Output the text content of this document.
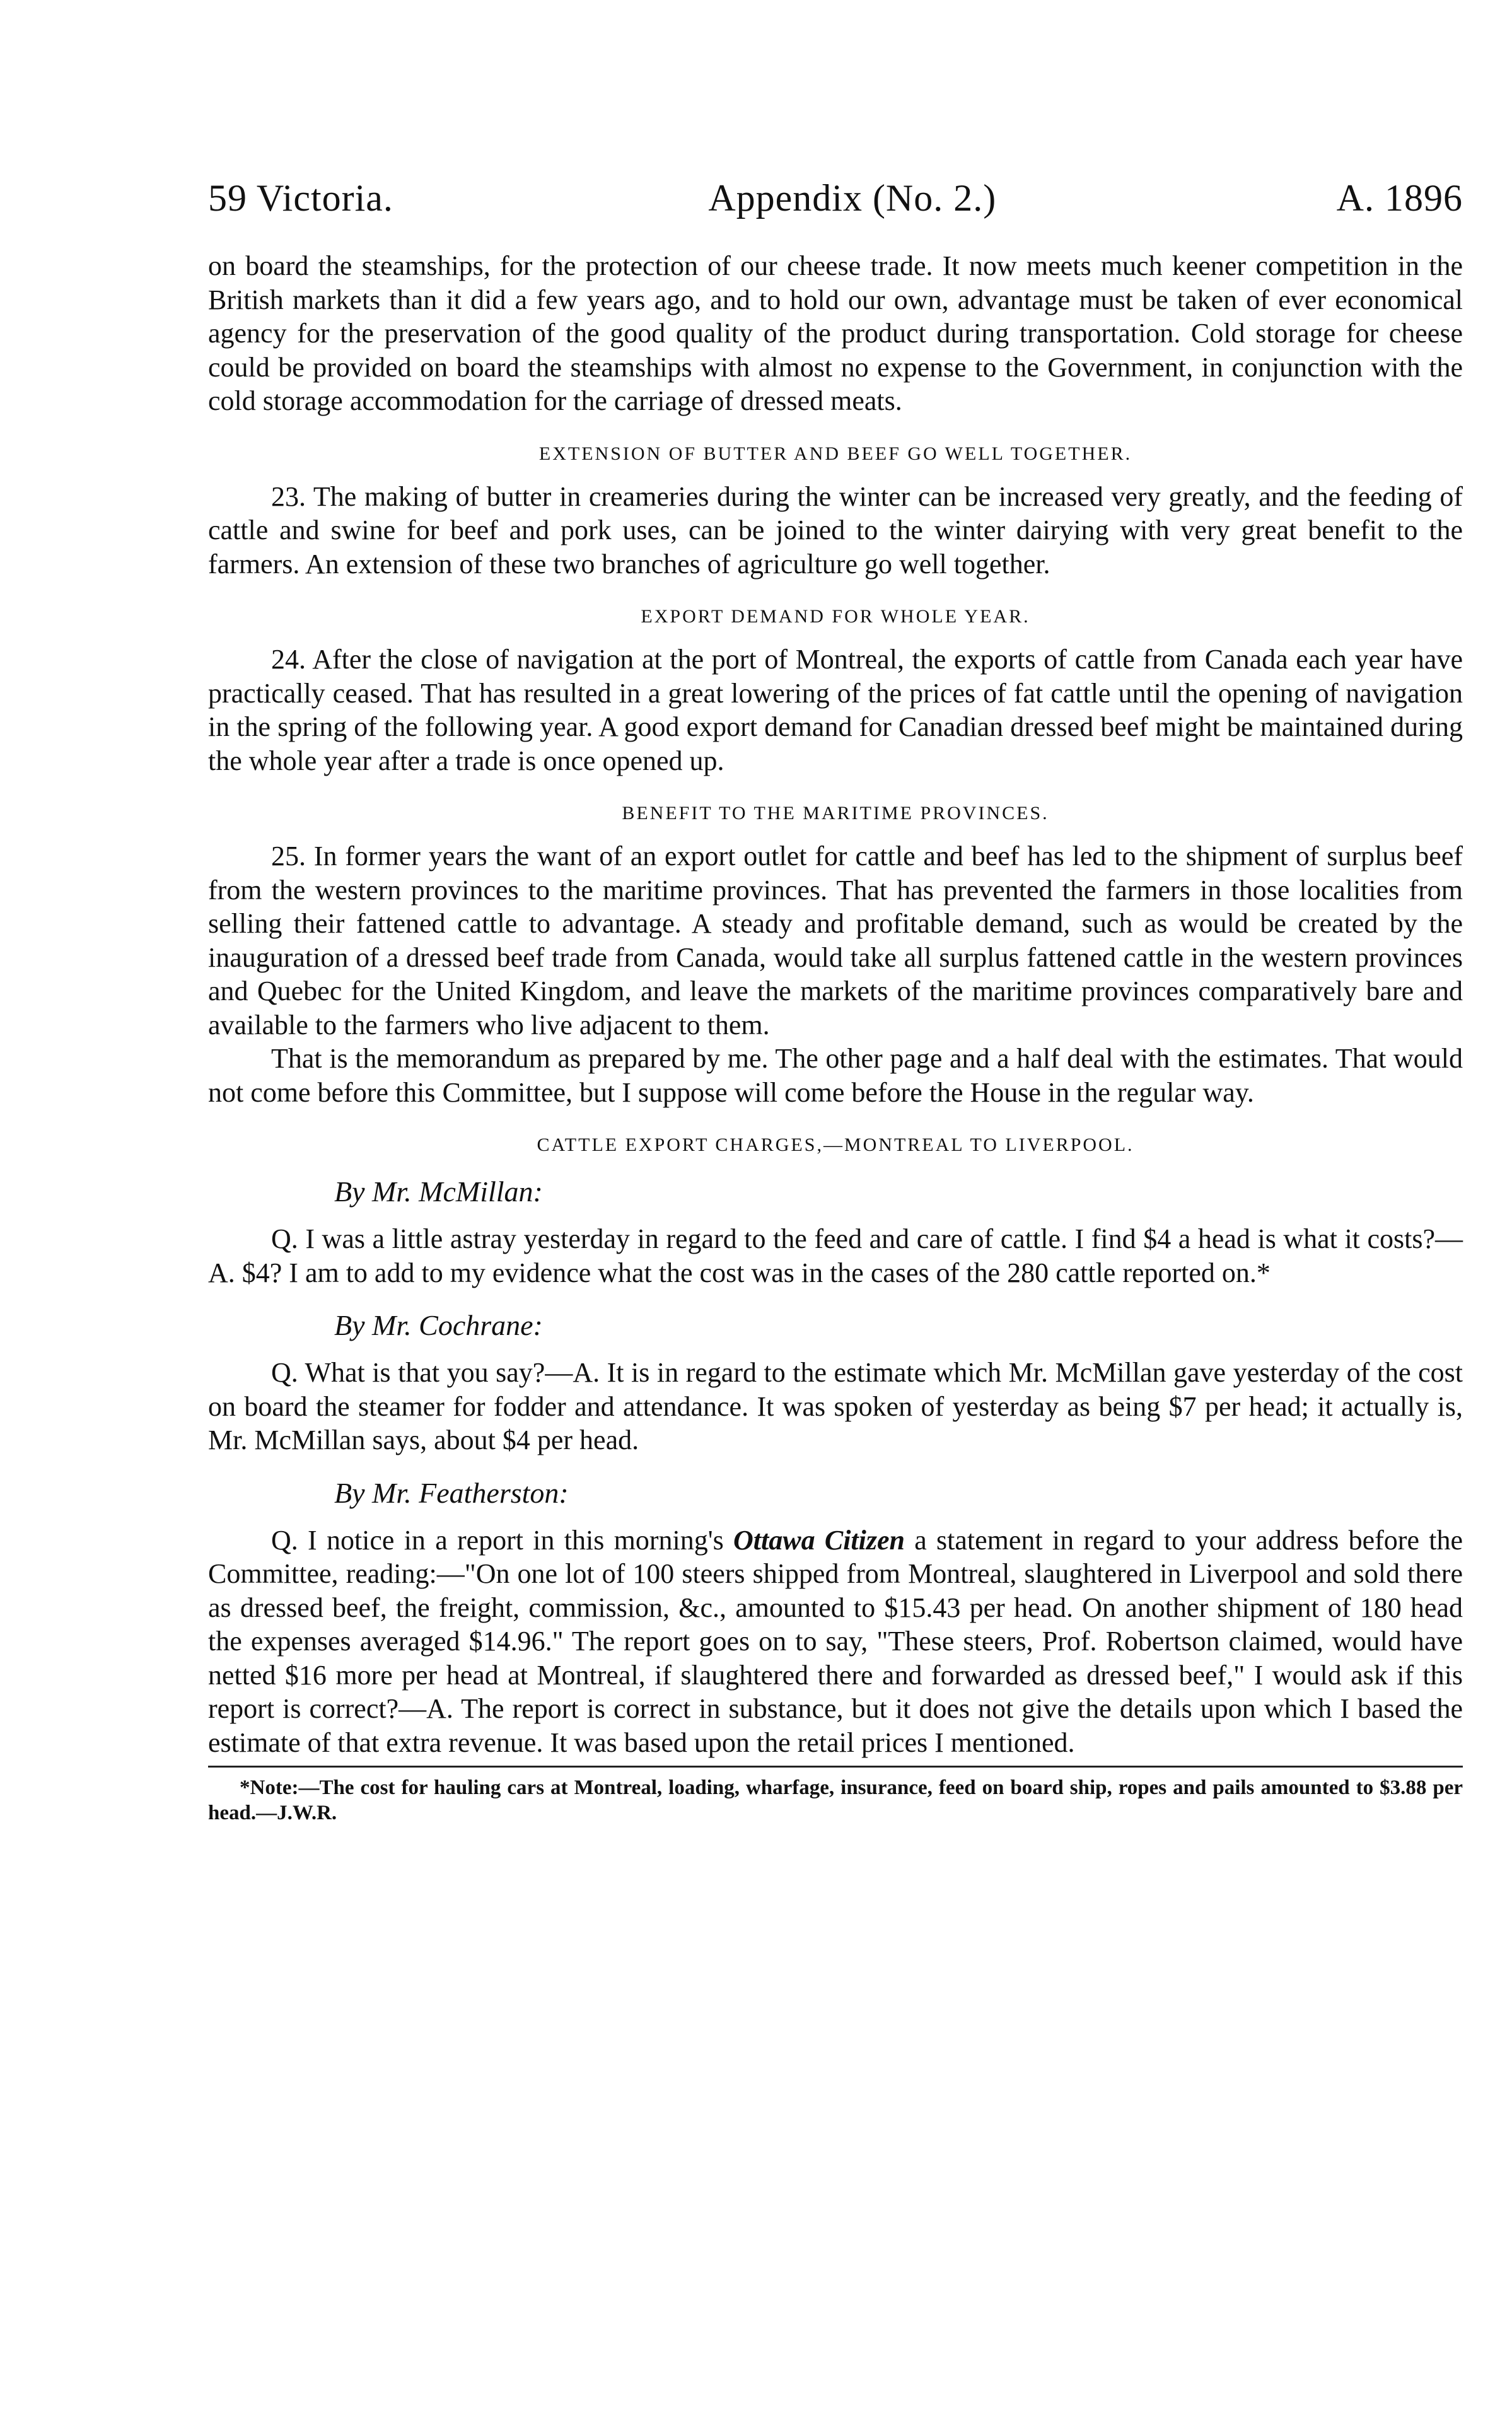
59 Victoria.	Appendix (No. 2.)	A. 1896

on board the steamships, for the protection of our cheese trade. It now meets much keener competition in the British markets than it did a few years ago, and to hold our own, advantage must be taken of ever economical agency for the preservation of the good quality of the product during transportation. Cold storage for cheese could be provided on board the steamships with almost no expense to the Government, in conjunction with the cold storage accommodation for the carriage of dressed meats.

EXTENSION OF BUTTER AND BEEF GO WELL TOGETHER.

23. The making of butter in creameries during the winter can be increased very greatly, and the feeding of cattle and swine for beef and pork uses, can be joined to the winter dairying with very great benefit to the farmers. An extension of these two branches of agriculture go well together.

EXPORT DEMAND FOR WHOLE YEAR.

24. After the close of navigation at the port of Montreal, the exports of cattle from Canada each year have practically ceased. That has resulted in a great lowering of the prices of fat cattle until the opening of navigation in the spring of the following year. A good export demand for Canadian dressed beef might be maintained during the whole year after a trade is once opened up.

BENEFIT TO THE MARITIME PROVINCES.

25. In former years the want of an export outlet for cattle and beef has led to the shipment of surplus beef from the western provinces to the maritime provinces. That has prevented the farmers in those localities from selling their fattened cattle to advantage. A steady and profitable demand, such as would be created by the inauguration of a dressed beef trade from Canada, would take all surplus fattened cattle in the western provinces and Quebec for the United Kingdom, and leave the markets of the maritime provinces comparatively bare and available to the farmers who live adjacent to them.

That is the memorandum as prepared by me. The other page and a half deal with the estimates. That would not come before this Committee, but I suppose will come before the House in the regular way.

CATTLE EXPORT CHARGES,—MONTREAL TO LIVERPOOL.
By Mr. McMillan:

Q. I was a little astray yesterday in regard to the feed and care of cattle. I find $4 a head is what it costs?—A. $4? I am to add to my evidence what the cost was in the cases of the 280 cattle reported on.*

By Mr. Cochrane:

Q. What is that you say?—A. It is in regard to the estimate which Mr. McMillan gave yesterday of the cost on board the steamer for fodder and attendance. It was spoken of yesterday as being $7 per head; it actually is, Mr. McMillan says, about $4 per head.

By Mr. Featherston:

Q. I notice in a report in this morning's Ottawa Citizen a statement in regard to your address before the Committee, reading:—"On one lot of 100 steers shipped from Montreal, slaughtered in Liverpool and sold there as dressed beef, the freight, commission, &c., amounted to $15.43 per head. On another shipment of 180 head the expenses averaged $14.96." The report goes on to say, "These steers, Prof. Robertson claimed, would have netted $16 more per head at Montreal, if slaughtered there and forwarded as dressed beef," I would ask if this report is correct?—A. The report is correct in substance, but it does not give the details upon which I based the estimate of that extra revenue. It was based upon the retail prices I mentioned.

*Note:—The cost for hauling cars at Montreal, loading, wharfage, insurance, feed on board ship, ropes and pails amounted to $3.88 per head.—J.W.R.
